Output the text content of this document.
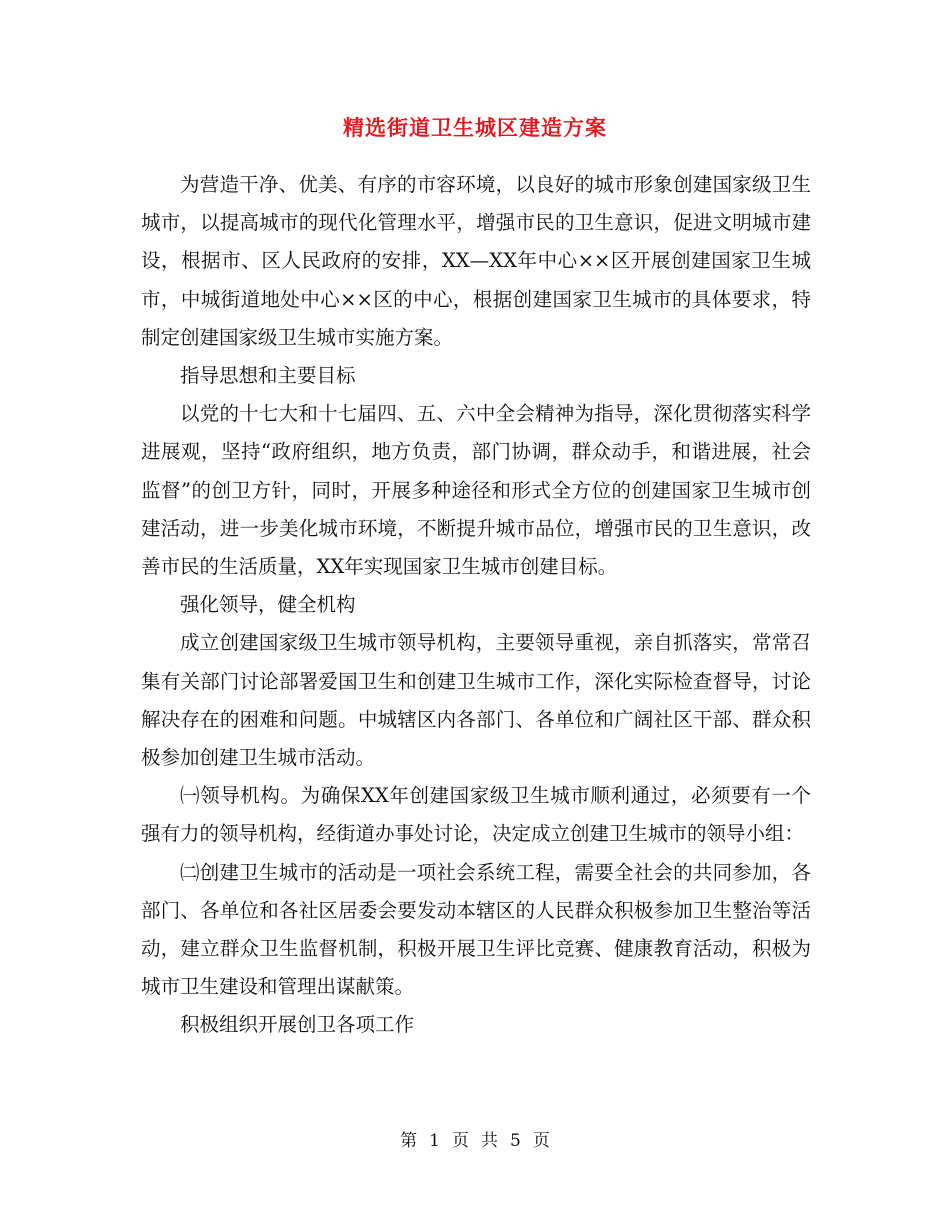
精选街道卫生城区建造方案

为营造干净、优美、有序的市容环境，以良好的城市形象创建国家级卫生城市，以提高城市的现代化管理水平，增强市民的卫生意识，促进文明城市建设，根据市、区人民政府的安排，XX—XX年中心××区开展创建国家卫生城市，中城街道地处中心××区的中心，根据创建国家卫生城市的具体要求，特制定创建国家级卫生城市实施方案。

指导思想和主要目标

以党的十七大和十七届四、五、六中全会精神为指导，深化贯彻落实科学进展观，坚持“政府组织，地方负责，部门协调，群众动手，和谐进展，社会监督”的创卫方针，同时，开展多种途径和形式全方位的创建国家卫生城市创建活动，进一步美化城市环境，不断提升城市品位，增强市民的卫生意识，改善市民的生活质量，XX年实现国家卫生城市创建目标。

强化领导，健全机构

成立创建国家级卫生城市领导机构，主要领导重视，亲自抓落实，常常召集有关部门讨论部署爱国卫生和创建卫生城市工作，深化实际检查督导，讨论解决存在的困难和问题。中城辖区内各部门、各单位和广阔社区干部、群众积极参加创建卫生城市活动。

㈠领导机构。为确保XX年创建国家级卫生城市顺利通过，必须要有一个强有力的领导机构，经街道办事处讨论，决定成立创建卫生城市的领导小组：

㈡创建卫生城市的活动是一项社会系统工程，需要全社会的共同参加，各部门、各单位和各社区居委会要发动本辖区的人民群众积极参加卫生整治等活动，建立群众卫生监督机制，积极开展卫生评比竞赛、健康教育活动，积极为城市卫生建设和管理出谋献策。

积极组织开展创卫各项工作

第 1 页 共 5 页
